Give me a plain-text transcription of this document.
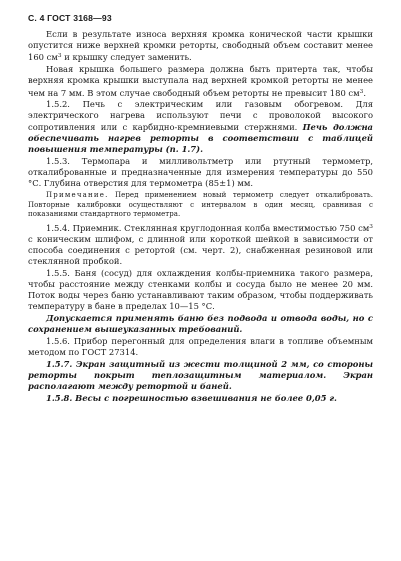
С. 4 ГОСТ 3168—93

Если в результате износа верхняя кромка конической части крышки опустится ниже верхней кромки реторты, свободный объем составит менее 160 $см^3$ и крышку следует заменить.

Новая крышка большего размера должна быть притерта так, чтобы верхняя кромка крышки выступала над верхней кромкой реторты не менее чем на 7 мм. В этом случае свободный объем реторты не превысит 180 $см^3$.

1.5.2. Печь с электрическим или газовым обогревом. Для электрического нагрева используют печи с проволокой высокого сопротивления или с карбидно-кремниевыми стержнями. Печь должна обеспечивать нагрев реторты в соответствии с таблицей повышения температуры (п. 1.7).

1.5.3. Термопара и милливольтметр или ртутный термометр, откалиброванные и предназначенные для измерения температуры до 550 °С. Глубина отверстия для термометра (85±1) мм.

Примечание. Перед применением новый термометр следует откалибровать. Повторные калибровки осуществляют с интервалом в один месяц, сравнивая с показаниями стандартного термометра.

1.5.4. Приемник. Стеклянная круглодонная колба вместимостью 750 $см^3$ с коническим шлифом, с длинной или короткой шейкой в зависимости от способа соединения с ретортой (см. черт. 2), снабженная резиновой или стеклянной пробкой.

1.5.5. Баня (сосуд) для охлаждения колбы-приемника такого размера, чтобы расстояние между стенками колбы и сосуда было не менее 20 мм. Поток воды через баню устанавливают таким образом, чтобы поддерживать температуру в бане в пределах 10—15 °С.

Допускается применять баню без подвода и отвода воды, но с сохранением вышеуказанных требований.

1.5.6. Прибор перегонный для определения влаги в топливе объемным методом по ГОСТ 27314.

1.5.7. Экран защитный из жести толщиной 2 мм, со стороны реторты покрыт теплозащитным материалом. Экран располагают между ретортой и баней.

1.5.8. Весы с погрешностью взвешивания не более 0,05 г.
